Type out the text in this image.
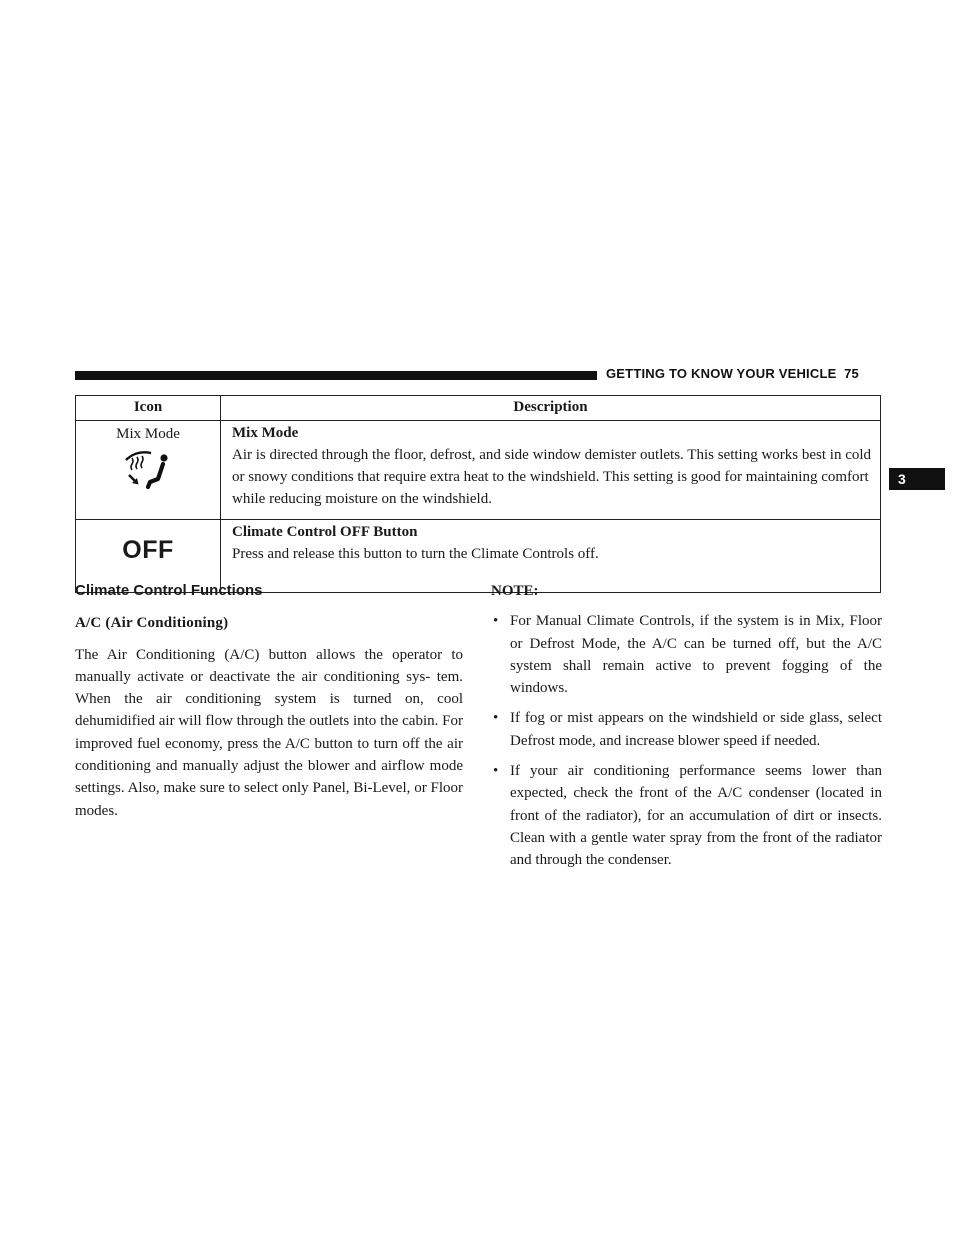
GETTING TO KNOW YOUR VEHICLE 75
3
Icon	Description

Mix Mode	Mix Mode
Air is directed through the floor, defrost, and side window demister outlets. This setting works best in cold or snowy conditions that require extra heat to the windshield. This setting is good for maintaining comfort while reducing moisture on the windshield.

OFF	Climate Control OFF Button
Press and release this button to turn the Climate Controls off.
Climate Control Functions
A/C (Air Conditioning)

The Air Conditioning (A/C) button allows the operator to manually activate or deactivate the air conditioning sys- tem. When the air conditioning system is turned on, cool dehumidified air will flow through the outlets into the cabin. For improved fuel economy, press the A/C button to turn off the air conditioning and manually adjust the blower and airflow mode settings. Also, make sure to select only Panel, Bi-Level, or Floor modes.

NOTE:
• For Manual Climate Controls, if the system is in Mix, Floor or Defrost Mode, the A/C can be turned off, but the A/C system shall remain active to prevent fogging of the windows.
• If fog or mist appears on the windshield or side glass, select Defrost mode, and increase blower speed if needed.
• If your air conditioning performance seems lower than expected, check the front of the A/C condenser (located in front of the radiator), for an accumulation of dirt or insects. Clean with a gentle water spray from the front of the radiator and through the condenser.
